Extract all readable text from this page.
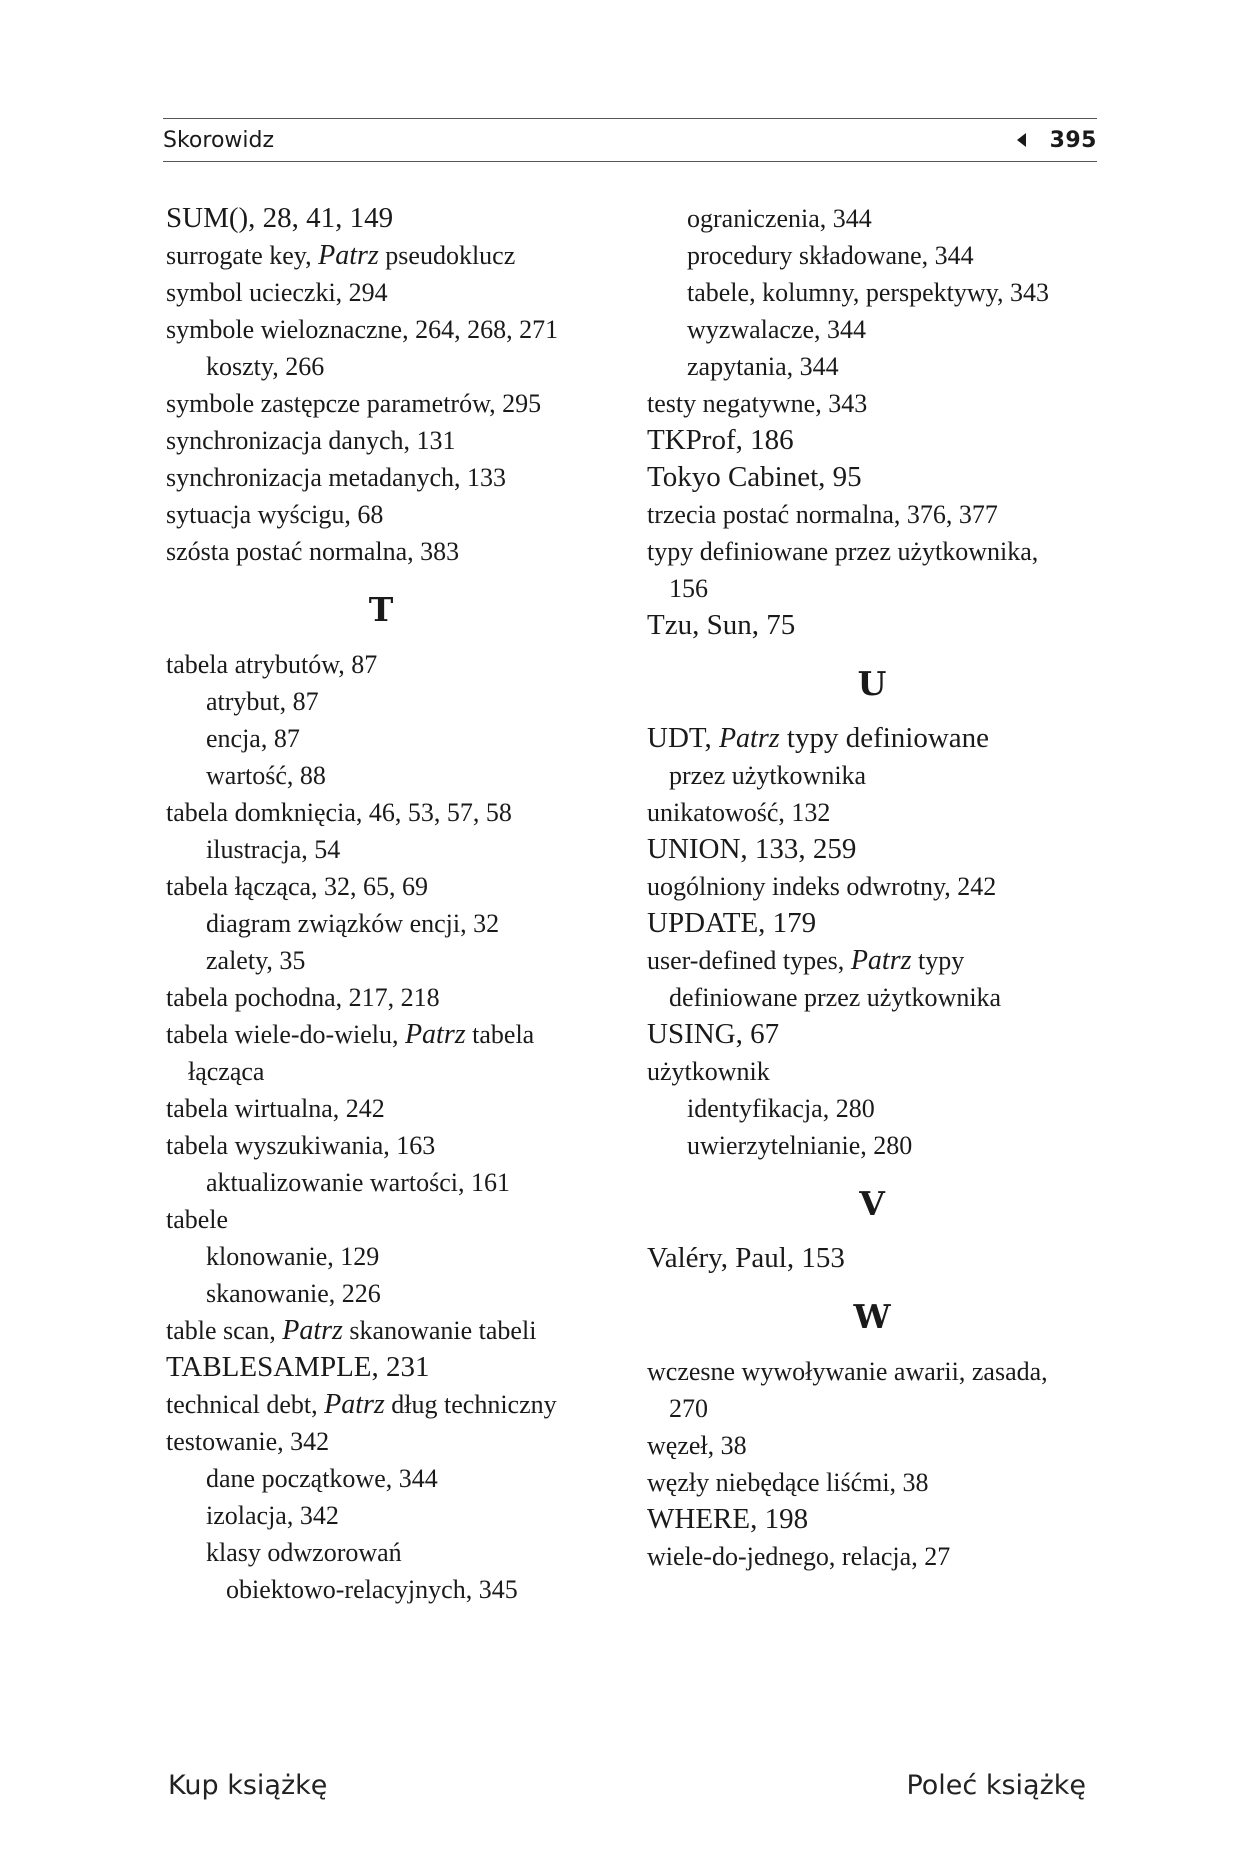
Skorowidz	395
SUM(), 28, 41, 149
surrogate key, Patrz pseudoklucz
symbol ucieczki, 294
symbole wieloznaczne, 264, 268, 271
koszty, 266
symbole zastępcze parametrów, 295
synchronizacja danych, 131
synchronizacja metadanych, 133
sytuacja wyścigu, 68
szósta postać normalna, 383
T
tabela atrybutów, 87
atrybut, 87
encja, 87
wartość, 88
tabela domknięcia, 46, 53, 57, 58
ilustracja, 54
tabela łącząca, 32, 65, 69
diagram związków encji, 32
zalety, 35
tabela pochodna, 217, 218
tabela wiele-do-wielu, Patrz tabela
łącząca
tabela wirtualna, 242
tabela wyszukiwania, 163
aktualizowanie wartości, 161
tabele
klonowanie, 129
skanowanie, 226
table scan, Patrz skanowanie tabeli
TABLESAMPLE, 231
technical debt, Patrz dług techniczny
testowanie, 342
dane początkowe, 344
izolacja, 342
klasy odwzorowań
obiektowo-relacyjnych, 345
ograniczenia, 344
procedury składowane, 344
tabele, kolumny, perspektywy, 343
wyzwalacze, 344
zapytania, 344
testy negatywne, 343
TKProf, 186
Tokyo Cabinet, 95
trzecia postać normalna, 376, 377
typy definiowane przez użytkownika,
156
Tzu, Sun, 75
U
UDT, Patrz typy definiowane
przez użytkownika
unikatowość, 132
UNION, 133, 259
uogólniony indeks odwrotny, 242
UPDATE, 179
user-defined types, Patrz typy
definiowane przez użytkownika
USING, 67
użytkownik
identyfikacja, 280
uwierzytelnianie, 280
V
Valéry, Paul, 153
W
wczesne wywoływanie awarii, zasada,
270
węzeł, 38
węzły niebędące liśćmi, 38
WHERE, 198
wiele-do-jednego, relacja, 27
Kup książkę	Poleć książkę
